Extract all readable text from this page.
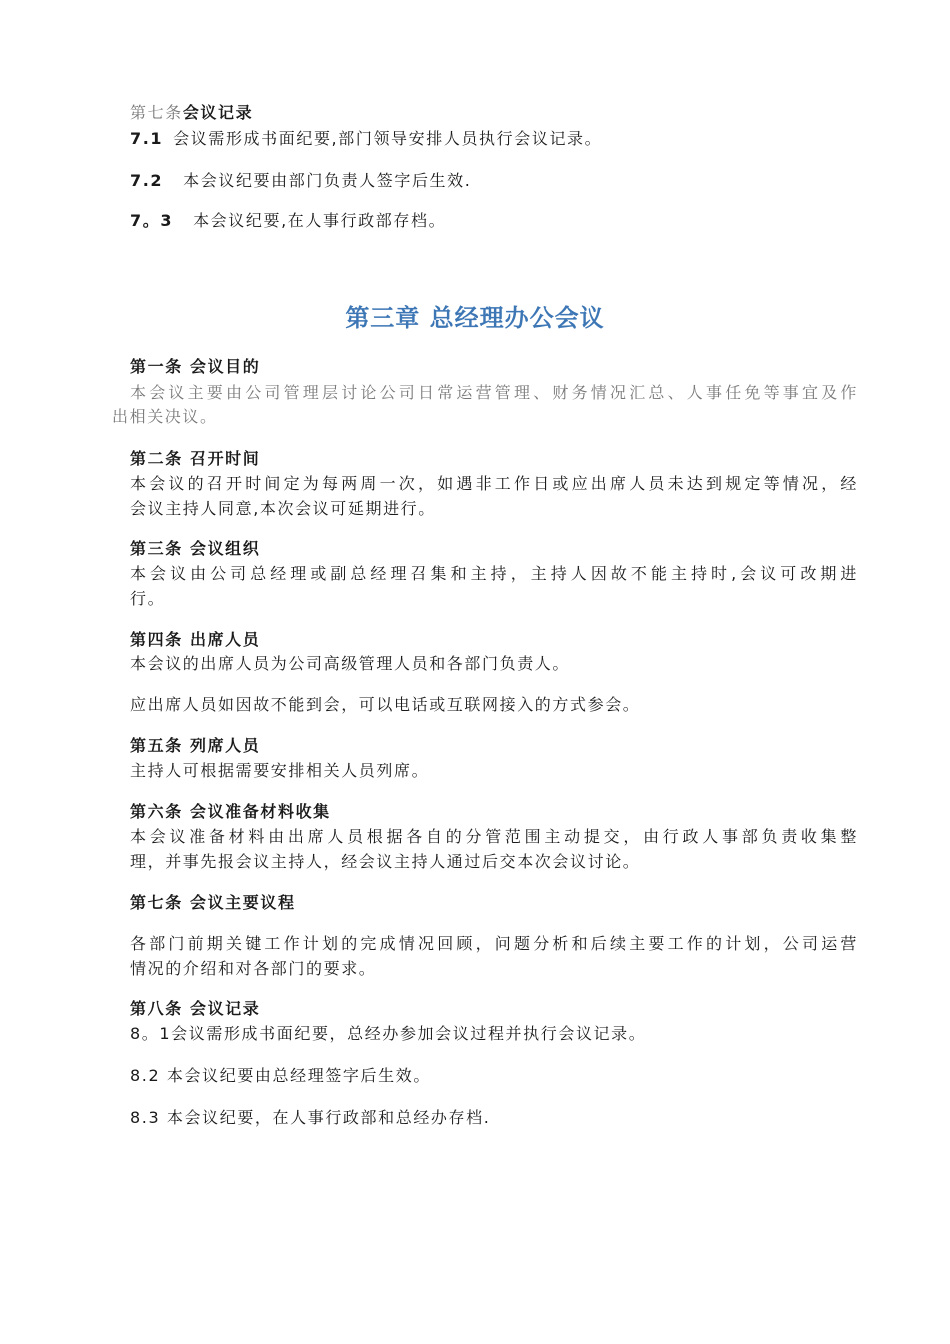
第七条会议记录
7.1 会议需形成书面纪要,部门领导安排人员执行会议记录。
7.2 本会议纪要由部门负责人签字后生效.
7。3 本会议纪要,在人事行政部存档。
第三章 总经理办公会议
第一条 会议目的
本会议主要由公司管理层讨论公司日常运营管理、财务情况汇总、人事任免等事宜及作
出相关决议。
第二条 召开时间
本会议的召开时间定为每两周一次，如遇非工作日或应出席人员未达到规定等情况，经
会议主持人同意,本次会议可延期进行。
第三条 会议组织
本会议由公司总经理或副总经理召集和主持，主持人因故不能主持时,会议可改期进
行。
第四条 出席人员
本会议的出席人员为公司高级管理人员和各部门负责人。
应出席人员如因故不能到会，可以电话或互联网接入的方式参会。
第五条 列席人员
主持人可根据需要安排相关人员列席。
第六条 会议准备材料收集
本会议准备材料由出席人员根据各自的分管范围主动提交，由行政人事部负责收集整
理，并事先报会议主持人，经会议主持人通过后交本次会议讨论。
第七条 会议主要议程
各部门前期关键工作计划的完成情况回顾，问题分析和后续主要工作的计划，公司运营
情况的介绍和对各部门的要求。
第八条 会议记录
8。1会议需形成书面纪要，总经办参加会议过程并执行会议记录。
8.2 本会议纪要由总经理签字后生效。
8.3 本会议纪要，在人事行政部和总经办存档.
